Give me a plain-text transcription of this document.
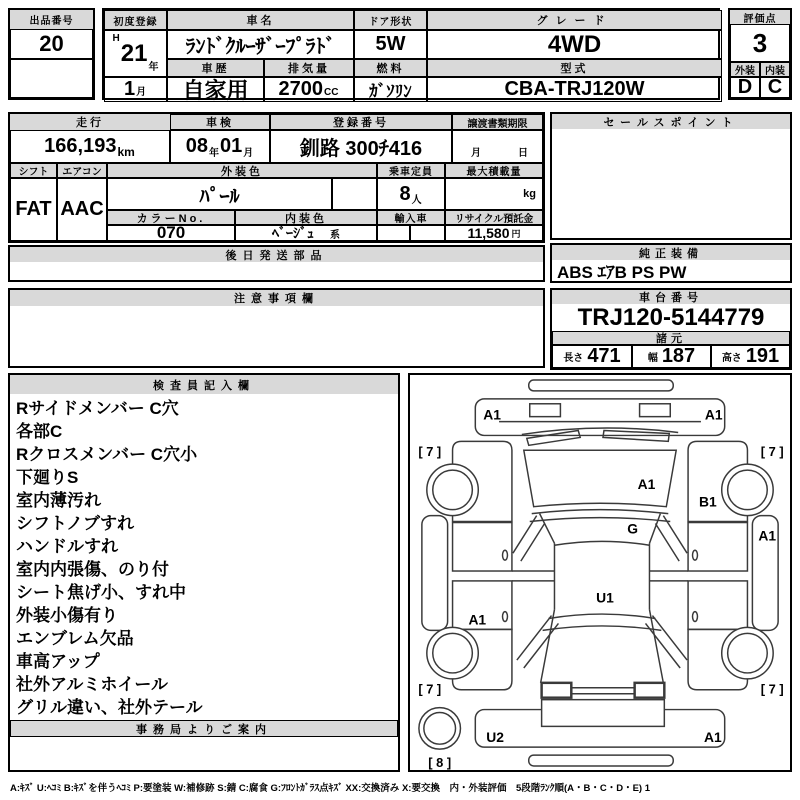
出品番号
20
初度登録
H
21
年
1 月
車名
ﾗﾝﾄﾞｸﾙｰｻﾞｰﾌﾟﾗﾄﾞ
車歴
自家用
排気量
2700 CC
ドア形状
5W
燃料
ｶﾞｿﾘﾝ
グレード
4WD
型式
CBA-TRJ120W
評価点
3
外装	内装
D C
走行
166,193 km
車検
08 年 01 月
登録番号
釧路 300ﾁ416
譲渡書類期限
月	日
シフト	エアコン
FAT AAC
外装色	乗車定員	最大積載量
ﾊﾟｰﾙ	8 人
kg
カラーNo.	内装色	輸入車	リサイクル預託金
070	ﾍﾞｰｼﾞｭ 系	11,580 円
セールスポイント
純正装備
ABS ｴｱB PS PW
後日発送部品
注意事項欄	車台番号
TRJ120-5144779
諸元
長さ 471	幅 187	高さ 191
検査員記入欄
Rサイドメンバー C穴
各部C
Rクロスメンバー C穴小
下廻りS
室内薄汚れ
シフトノブすれ
ハンドルすれ
室内内張傷、のり付
シート焦げ小、すれ中
外装小傷有り
エンブレム欠品
車高アップ
社外アルミホイール
グリル違い、社外テール
事務局よりご案内
A1	A1
[ 7 ]	[ 7 ]
A1
B1
G	A1
U1
A1
[ 7 ]	[ 7 ]
U2	A1
[ 8 ]
A:ｷｽﾞ U:ﾍｺﾐ B:ｷｽﾞを伴うﾍｺﾐ P:要塗装 W:補修跡 S:錆 C:腐食 G:ﾌﾛﾝﾄｶﾞﾗｽ点ｷｽﾞ XX:交換済み X:要交換　内・外装評価　5段階ﾗﾝｸ順(A・B・C・D・E) 1
